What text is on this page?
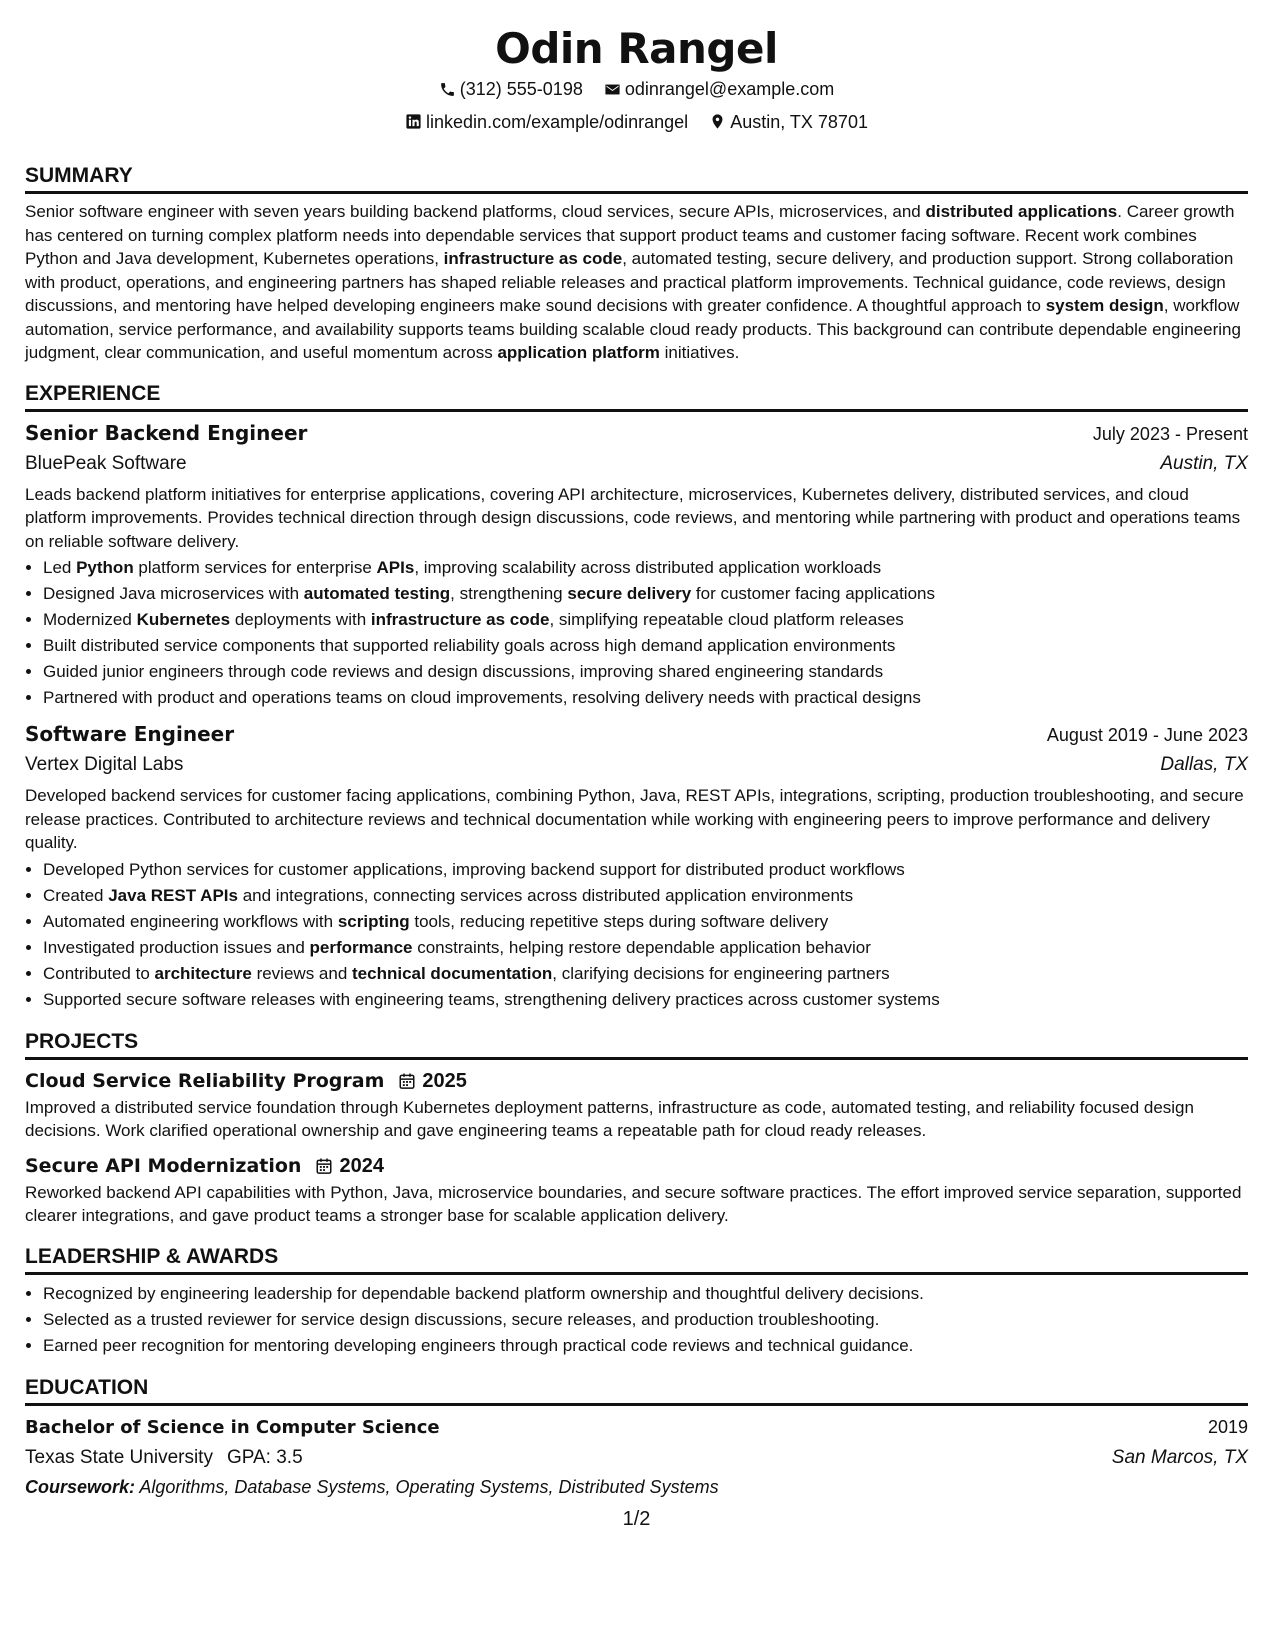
Odin Rangel
(312) 555-0198
odinrangel@example.com
linkedin.com/example/odinrangel
Austin, TX 78701
SUMMARY

Senior software engineer with seven years building backend platforms, cloud services, secure APIs, microservices, and distributed applications. Career growth has centered on turning complex platform needs into dependable services that support product teams and customer facing software. Recent work combines Python and Java development, Kubernetes operations, infrastructure as code, automated testing, secure delivery, and production support. Strong collaboration with product, operations, and engineering partners has shaped reliable releases and practical platform improvements. Technical guidance, code reviews, design discussions, and mentoring have helped developing engineers make sound decisions with greater confidence. A thoughtful approach to system design, workflow automation, service performance, and availability supports teams building scalable cloud ready products. This background can contribute dependable engineering judgment, clear communication, and useful momentum across application platform initiatives.

EXPERIENCE
Senior Backend Engineer	July 2023 - Present
BluePeak Software	Austin, TX

Leads backend platform initiatives for enterprise applications, covering API architecture, microservices, Kubernetes delivery, distributed services, and cloud platform improvements. Provides technical direction through design discussions, code reviews, and mentoring while partnering with product and operations teams on reliable software delivery.

• Led Python platform services for enterprise APIs, improving scalability across distributed application workloads
• Designed Java microservices with automated testing, strengthening secure delivery for customer facing applications
• Modernized Kubernetes deployments with infrastructure as code, simplifying repeatable cloud platform releases
• Built distributed service components that supported reliability goals across high demand application environments
• Guided junior engineers through code reviews and design discussions, improving shared engineering standards
• Partnered with product and operations teams on cloud improvements, resolving delivery needs with practical designs
Software Engineer	August 2019 - June 2023
Vertex Digital Labs	Dallas, TX

Developed backend services for customer facing applications, combining Python, Java, REST APIs, integrations, scripting, production troubleshooting, and secure release practices. Contributed to architecture reviews and technical documentation while working with engineering peers to improve performance and delivery quality.

• Developed Python services for customer applications, improving backend support for distributed product workflows
• Created Java REST APIs and integrations, connecting services across distributed application environments
• Automated engineering workflows with scripting tools, reducing repetitive steps during software delivery
• Investigated production issues and performance constraints, helping restore dependable application behavior
• Contributed to architecture reviews and technical documentation, clarifying decisions for engineering partners
• Supported secure software releases with engineering teams, strengthening delivery practices across customer systems
PROJECTS
Cloud Service Reliability Program 2025

Improved a distributed service foundation through Kubernetes deployment patterns, infrastructure as code, automated testing, and reliability focused design decisions. Work clarified operational ownership and gave engineering teams a repeatable path for cloud ready releases.

Secure API Modernization 2024

Reworked backend API capabilities with Python, Java, microservice boundaries, and secure software practices. The effort improved service separation, supported clearer integrations, and gave product teams a stronger base for scalable application delivery.

LEADERSHIP & AWARDS
• Recognized by engineering leadership for dependable backend platform ownership and thoughtful delivery decisions.
• Selected as a trusted reviewer for service design discussions, secure releases, and production troubleshooting.
• Earned peer recognition for mentoring developing engineers through practical code reviews and technical guidance.
EDUCATION
Bachelor of Science in Computer Science	2019
Texas State University GPA: 3.5	San Marcos, TX
Coursework: Algorithms, Database Systems, Operating Systems, Distributed Systems
1/2
